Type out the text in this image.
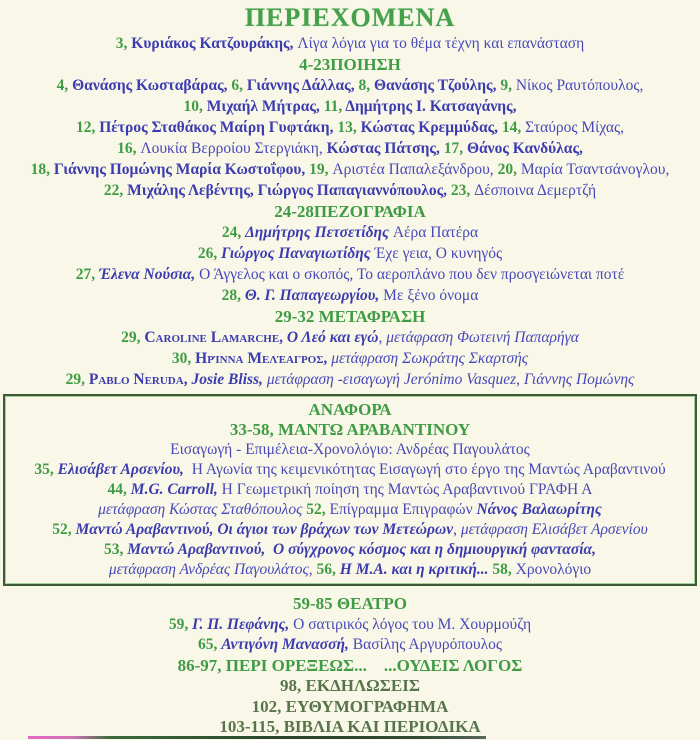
ΠΕΡΙΕΧΟΜΕΝΑ
3, Κυριάκος Κατζουράκης, Λίγα λόγια για το θέμα τέχνη και επανάσταση
4-23ΠΟΙΗΣΗ
4, Θανάσης Κωσταβάρας, 6, Γιάννης Δάλλας, 8, Θανάσης Τζούλης, 9, Νίκος Ραυτόπουλος,
10, Μιχαήλ Μήτρας, 11, Δημήτρης Ι. Κατσαγάνης,
12, Πέτρος Σταθάκος Μαίρη Γυφτάκη, 13, Κώστας Κρεμμύδας, 14, Σταύρος Μίχας,
16, Λουκία Βερροίου Στεργιάκη, Κώστας Πάτσης, 17, Θάνος Κανδύλας,
18, Γιάννης Πομώνης Μαρία Κωστοΐφου, 19, Αριστέα Παπαλεξάνδρου, 20, Μαρία Τσαντσάνογλου,
22, Μιχάλης Λεβέντης, Γιώργος Παπαγιαννόπουλος, 23, Δέσποινα Δεμερτζή
24-28ΠΕΖΟΓΡΑΦΙΑ
24, Δημήτρης Πετσετίδης Αέρα Πατέρα
26, Γιώργος Παναγιωτίδης Έχε γεια, Ο κυνηγός
27, Έλενα Νούσια, Ο Άγγελος και ο σκοπός, Το αεροπλάνο που δεν προσγειώνεται ποτέ
28, Θ. Γ. Παπαγεωργίου, Με ξένο όνομα
29-32 ΜΕΤΑΦΡΑΣΗ
29, Caroline Lamarche, Ο Λεό και εγώ, μετάφραση Φωτεινή Παπαρήγα
30, Ηρίννα Μελέαγρος, μετάφραση Σωκράτης Σκαρτσής
29, Pablo Neruda, Josie Bliss, μετάφραση -εισαγωγή Jerónimo Vasquez, Γιάννης Πομώνης
ΑΝΑΦΟΡΑ
33-58, ΜΑΝΤΩ ΑΡΑΒΑΝΤΙΝΟΥ
Εισαγωγή - Επιμέλεια-Χρονολόγιο: Ανδρέας Παγουλάτος
35, Ελισάβετ Αρσενίου,  Η Αγωνία της κειμενικότητας Εισαγωγή στο έργο της Μαντώς Αραβαντινού
44, M.G. Carroll, Η Γεωμετρική ποίηση της Μαντώς Αραβαντινού ΓΡΑΦΗ Α
μετάφραση Κώστας Σταθόπουλος 52, Επίγραμμα Επιγραφών Νάνος Βαλαωρίτης
52, Μαντώ Αραβαντινού, Οι άγιοι των βράχων των Μετεώρων, μετάφραση Ελισάβετ Αρσενίου
53, Μαντώ Αραβαντινού,  Ο σύγχρονος κόσμος και η δημιουργική φαντασία,
μετάφραση Ανδρέας Παγουλάτος, 56, Η Μ.Α. και η κριτική... 58, Χρονολόγιο
59-85 ΘΕΑΤΡΟ
59, Γ. Π. Πεφάνης, Ο σατιρικός λόγος του Μ. Χουρμούζη
65, Αντιγόνη Μανασσή, Βασίλης Αργυρόπουλος
86-97, ΠΕΡΙ ΟΡΕΞΕΩΣ...    ...ΟΥΔΕΙΣ ΛΟΓΟΣ
98, ΕΚΔΗΛΩΣΕΙΣ
102, ΕΥΘΥΜΟΓΡΑΦΗΜΑ
103-115, ΒΙΒΛΙΑ ΚΑΙ ΠΕΡΙΟΔΙΚΑ
